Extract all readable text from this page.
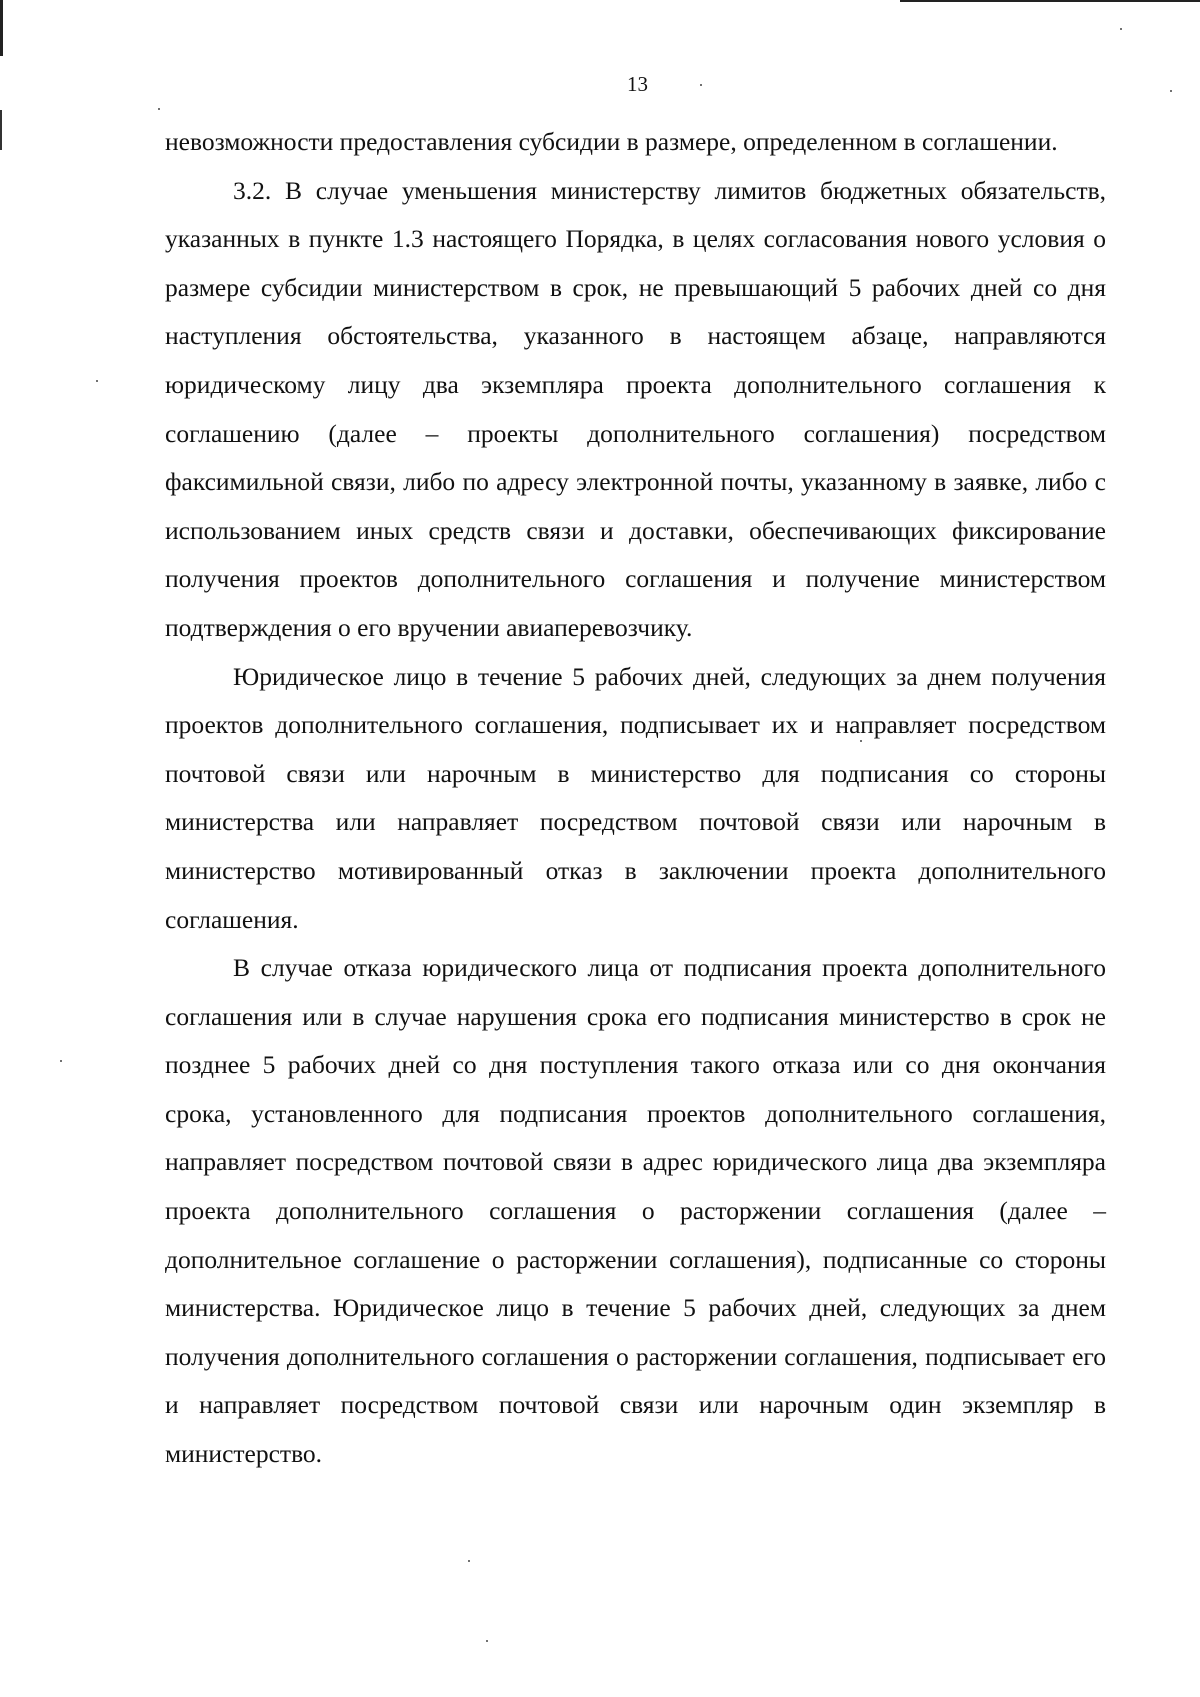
13

невозможности предоставления субсидии в размере, определенном в соглашении.

3.2. В случае уменьшения министерству лимитов бюджетных обязательств, указанных в пункте 1.3 настоящего Порядка, в целях согласования нового условия о размере субсидии министерством в срок, не превышающий 5 рабочих дней со дня наступления обстоятельства, указанного в настоящем абзаце, направляются юридическому лицу два экземпляра проекта дополнительного соглашения к соглашению (далее – проекты дополнительного соглашения) посредством факсимильной связи, либо по адресу электронной почты, указанному в заявке, либо с использованием иных средств связи и доставки, обеспечивающих фиксирование получения проектов дополнительного соглашения и получение министерством подтверждения о его вручении авиаперевозчику.

Юридическое лицо в течение 5 рабочих дней, следующих за днем получения проектов дополнительного соглашения, подписывает их и направляет посредством почтовой связи или нарочным в министерство для подписания со стороны министерства или направляет посредством почтовой связи или нарочным в министерство мотивированный отказ в заключении проекта дополнительного соглашения.

В случае отказа юридического лица от подписания проекта дополнительного соглашения или в случае нарушения срока его подписания министерство в срок не позднее 5 рабочих дней со дня поступления такого отказа или со дня окончания срока, установленного для подписания проектов дополнительного соглашения, направляет посредством почтовой связи в адрес юридического лица два экземпляра проекта дополнительного соглашения о расторжении соглашения (далее – дополнительное соглашение о расторжении соглашения), подписанные со стороны министерства. Юридическое лицо в течение 5 рабочих дней, следующих за днем получения дополнительного соглашения о расторжении соглашения, подписывает его и направляет посредством почтовой связи или нарочным один экземпляр в министерство.
